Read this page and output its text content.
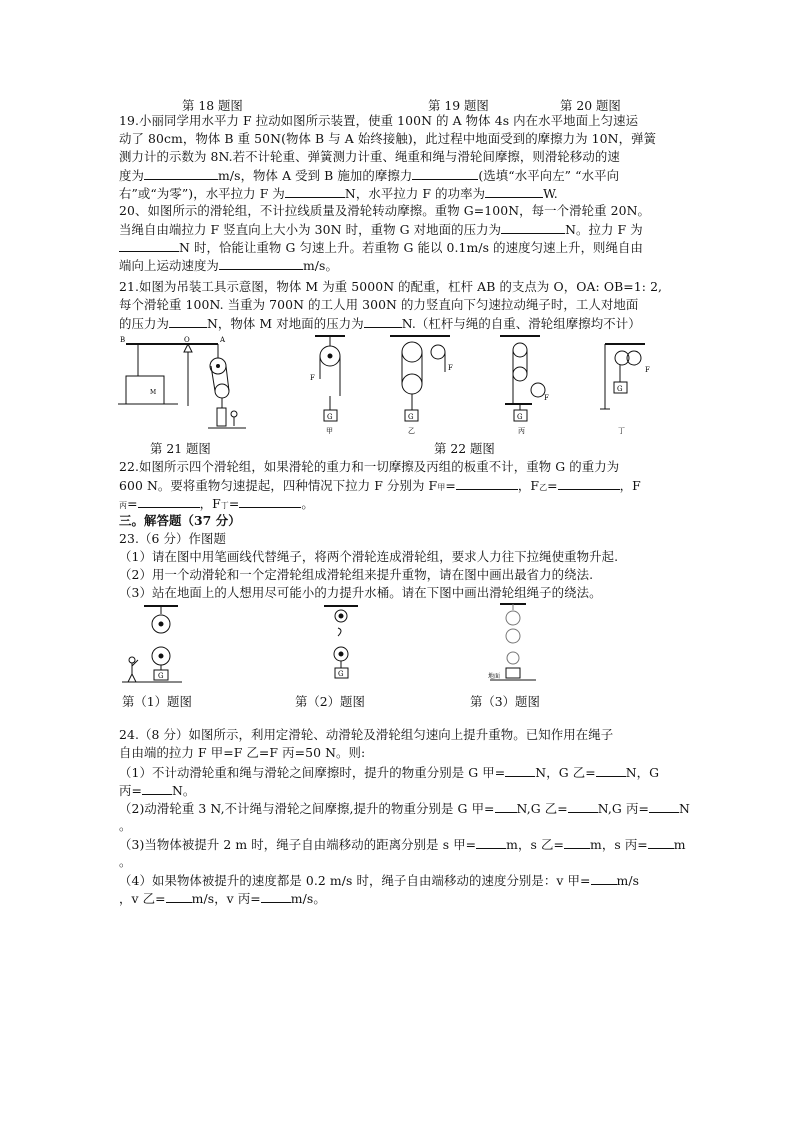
第 18 题图	第 19 题图	第 20 题图
19.小丽同学用水平力 F 拉动如图所示装置，使重 100N 的 A 物体 4s 内在水平地面上匀速运
动了 80cm，物体 B 重 50N(物体 B 与 A 始终接触)，此过程中地面受到的摩擦力为 10N，弹簧
测力计的示数为 8N.若不计轮重、弹簧测力计重、绳重和绳与滑轮间摩擦，则滑轮移动的速
度为	m/s，物体 A 受到 B 施加的摩擦力	(选填“水平向左” “水平向
右”或“为零”)，水平拉力 F 为	N，水平拉力 F 的功率为	W.
20、如图所示的滑轮组，不计拉线质量及滑轮转动摩擦。重物 G=100N，每一个滑轮重 20N。
当绳自由端拉力 F 竖直向上大小为 30N 时，重物 G 对地面的压力为	N。拉力 F 为
N 时，恰能让重物 G 匀速上升。若重物 G 能以 0.1m/s 的速度匀速上升，则绳自由
端向上运动速度为	m/s。
21.如图为吊装工具示意图，物体 M 为重 5000N 的配重，杠杆 AB 的支点为 O，OA: OB=1: 2,
每个滑轮重 100N. 当重为 700N 的工人用 300N 的力竖直向下匀速拉动绳子时，工人对地面
的压力为	N，物体 M 对地面的压力为	N.（杠杆与绳的自重、滑轮组摩擦均不计）
B	O	A
M
F
G
甲
G
乙
G
丙
G
丁
F
F
F
第 21 题图	第 22 题图
22.如图所示四个滑轮组，如果滑轮的重力和一切摩擦及丙组的板重不计，重物 G 的重力为
600 N。要将重物匀速提起，四种情况下拉力 F 分别为 F甲=	，F乙=	，F
丙=	，F丁=	。
三。解答题（37 分）
23.（6 分）作图题
（1）请在图中用笔画线代替绳子，将两个滑轮连成滑轮组，要求人力往下拉绳使重物升起.
（2）用一个动滑轮和一个定滑轮组成滑轮组来提升重物，请在图中画出最省力的绕法.
（3）站在地面上的人想用尽可能小的力提升水桶。请在下图中画出滑轮组绳子的绕法。
G	G	地面
第（1）题图	第（2）题图	第（3）题图
24.（8 分）如图所示，利用定滑轮、动滑轮及滑轮组匀速向上提升重物。已知作用在绳子
自由端的拉力 F 甲=F 乙=F 丙=50 N。则:
（1）不计动滑轮重和绳与滑轮之间摩擦时，提升的物重分别是 G 甲= N，G 乙= N，G
丙= N。
（2)动滑轮重 3 N,不计绳与滑轮之间摩擦,提升的物重分别是 G 甲= N,G 乙= N,G 丙= N
。
（3)当物体被提升 2 m 时，绳子自由端移动的距离分别是 s 甲= m，s 乙= m，s 丙= m
。
（4）如果物体被提升的速度都是 0.2 m/s 时，绳子自由端移动的速度分别是：v 甲= m/s
，v 乙= m/s，v 丙= m/s。
